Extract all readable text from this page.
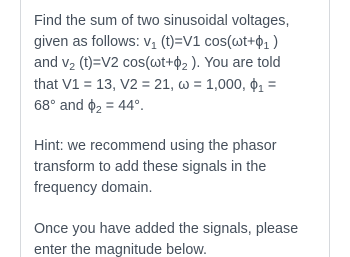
Find the sum of two sinusoidal voltages,
given as follows: $v_1$ (t)=V1 $\cos(\omega t+\phi_1$ )
and $v_2$ (t)=V2 $\cos(\omega t+\phi_2$ ). You are told
that V1 = 13, V2 = 21, ω = 1,000, $\phi_1$ =
68° and $\phi_2 = 44^\circ$.

Hint: we recommend using the phasor
transform to add these signals in the
frequency domain.

Once you have added the signals, please
enter the magnitude below.
